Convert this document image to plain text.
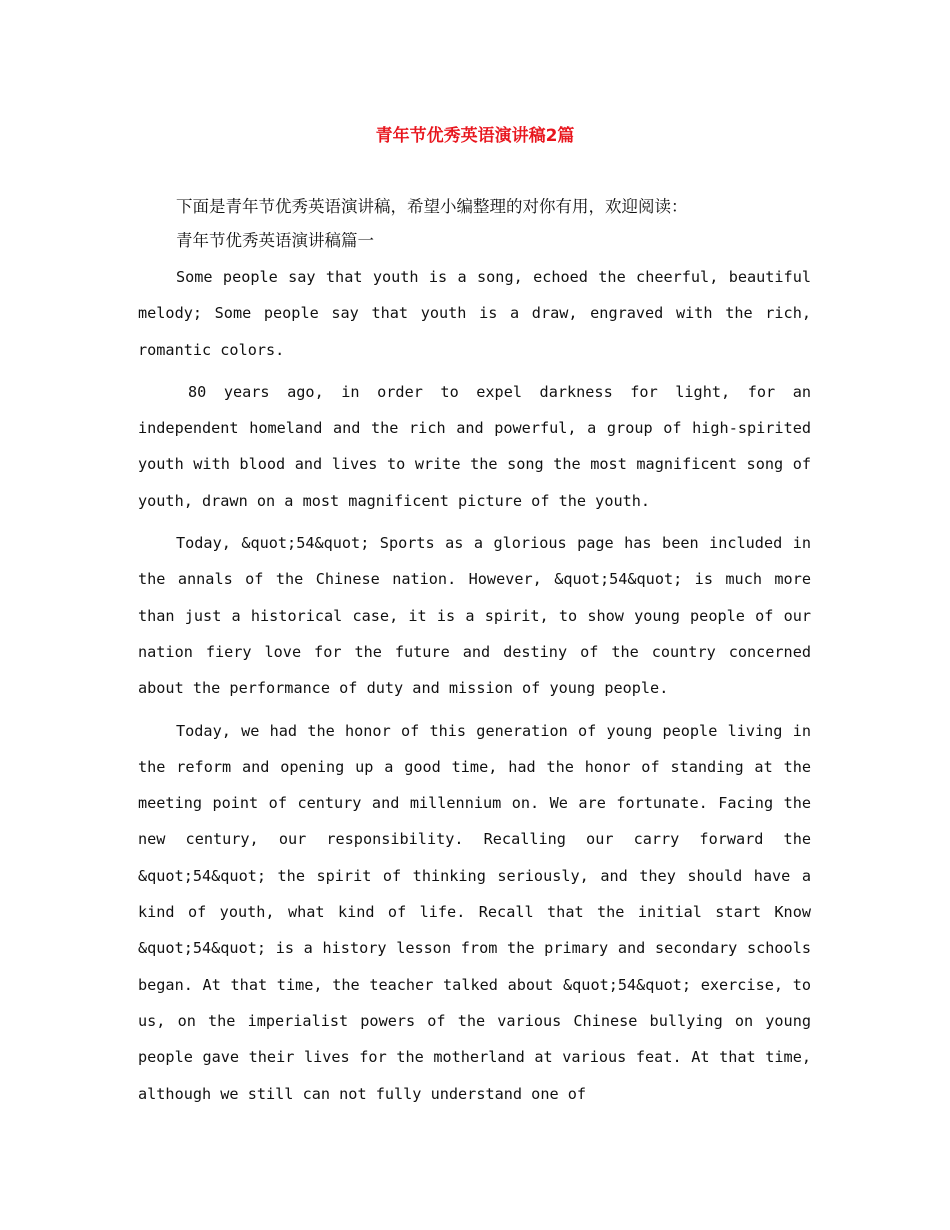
青年节优秀英语演讲稿2篇
下面是青年节优秀英语演讲稿，希望小编整理的对你有用，欢迎阅读：
青年节优秀英语演讲稿篇一

Some people say that youth is a song, echoed the cheerful, beautiful melody; Some people say that youth is a draw, engraved with the rich, romantic colors.

80 years ago, in order to expel darkness for light, for an independent homeland and the rich and powerful, a group of high-spirited youth with blood and lives to write the song the most magnificent song of youth, drawn on a most magnificent picture of the youth.

Today, &quot;54&quot; Sports as a glorious page has been included in the annals of the Chinese nation. However, &quot;54&quot; is much more than just a historical case, it is a spirit, to show young people of our nation fiery love for the future and destiny of the country concerned about the performance of duty and mission of young people.

Today, we had the honor of this generation of young people living in the reform and opening up a good time, had the honor of standing at the meeting point of century and millennium on. We are fortunate. Facing the new century, our responsibility. Recalling our carry forward the &quot;54&quot; the spirit of thinking seriously, and they should have a kind of youth, what kind of life. Recall that the initial start Know &quot;54&quot; is a history lesson from the primary and secondary schools began. At that time, the teacher talked about &quot;54&quot; exercise, to us, on the imperialist powers of the various Chinese bullying on young people gave their lives for the motherland at various feat. At that time, although we still can not fully understand one of
